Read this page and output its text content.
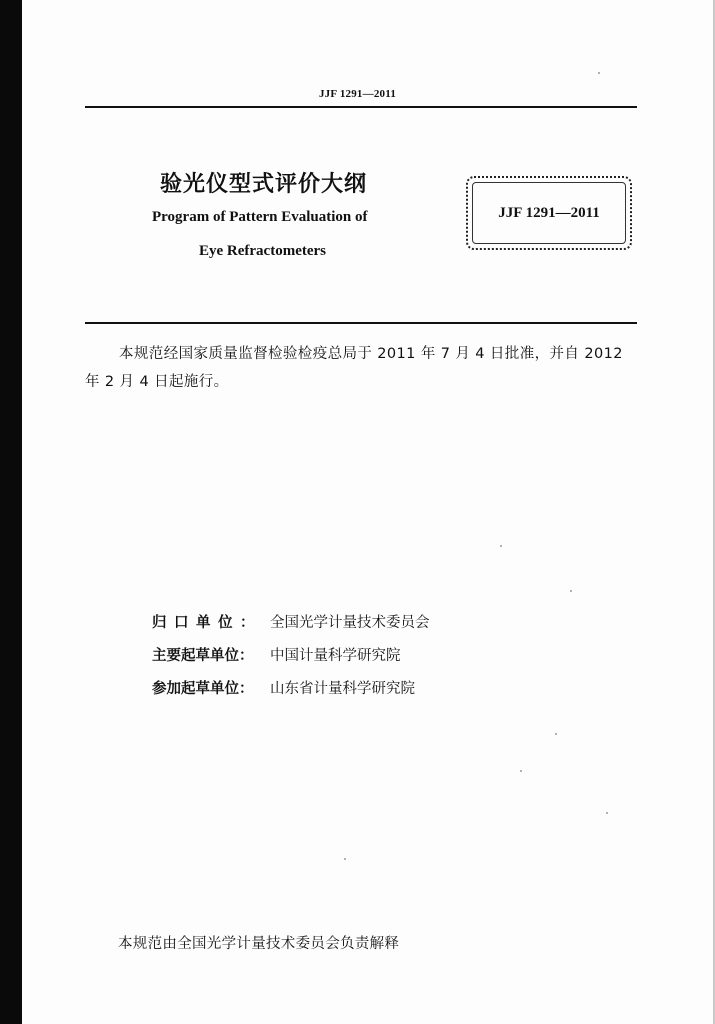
JJF 1291—2011
验光仪型式评价大纲
Program of Pattern Evaluation of
Eye Refractometers
JJF 1291—2011
本规范经国家质量监督检验检疫总局于 2011 年 7 月 4 日批准，并自 2012 年 2 月 4 日起施行。
归口单位： 全国光学计量技术委员会
主要起草单位： 中国计量科学研究院
参加起草单位： 山东省计量科学研究院
本规范由全国光学计量技术委员会负责解释
